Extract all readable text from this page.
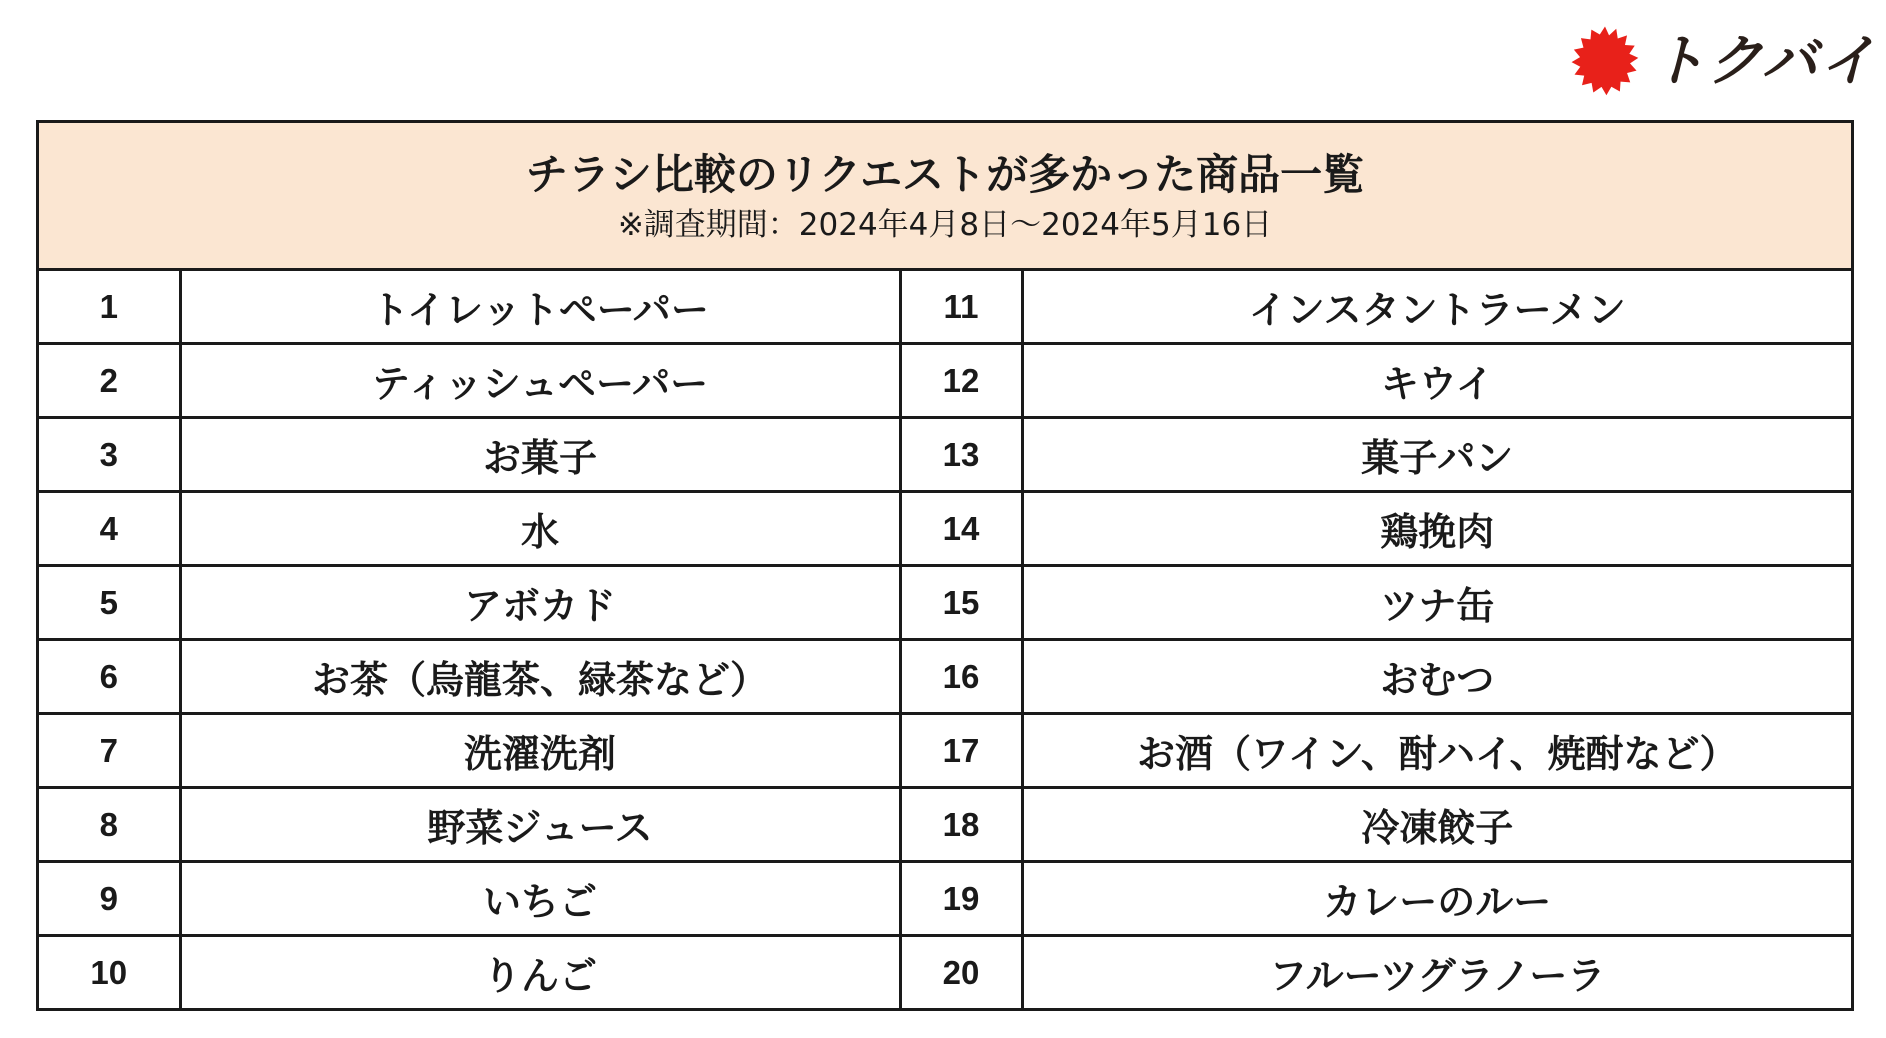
トクバイ
チラシ比較のリクエストが多かった商品一覧
※調査期間：2024年4月8日〜2024年5月16日
1	トイレットペーパー	11	インスタントラーメン
2	ティッシュペーパー	12	キウイ
3	お菓子	13	菓子パン
4	水	14	鶏挽肉
5	アボカド	15	ツナ缶
6	お茶（烏龍茶、緑茶など）	16	おむつ
7	洗濯洗剤	17	お酒（ワイン、酎ハイ、焼酎など）
8	野菜ジュース	18	冷凍餃子
9	いちご	19	カレーのルー
10	りんご	20	フルーツグラノーラ
